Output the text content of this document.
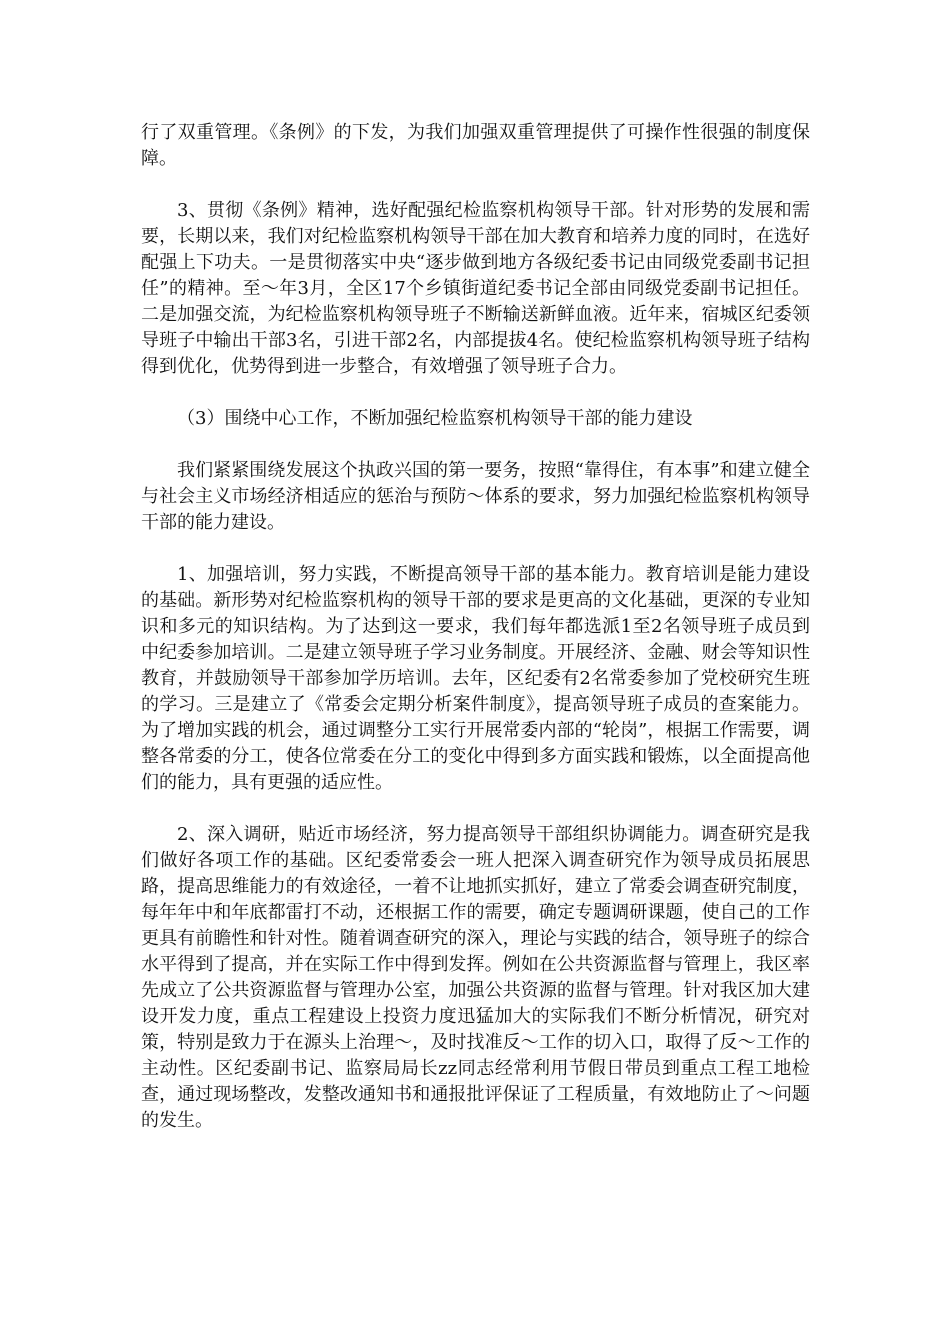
行了双重管理。《条例》的下发，为我们加强双重管理提供了可操作性很强的制度保障。

3、贯彻《条例》精神，选好配强纪检监察机构领导干部。针对形势的发展和需要，长期以来，我们对纪检监察机构领导干部在加大教育和培养力度的同时，在选好配强上下功夫。一是贯彻落实中央“逐步做到地方各级纪委书记由同级党委副书记担任”的精神。至～年3月，全区17个乡镇街道纪委书记全部由同级党委副书记担任。二是加强交流，为纪检监察机构领导班子不断输送新鲜血液。近年来，宿城区纪委领导班子中输出干部3名，引进干部2名，内部提拔4名。使纪检监察机构领导班子结构得到优化，优势得到进一步整合，有效增强了领导班子合力。

（3）围绕中心工作，不断加强纪检监察机构领导干部的能力建设

我们紧紧围绕发展这个执政兴国的第一要务，按照“靠得住，有本事”和建立健全与社会主义市场经济相适应的惩治与预防～体系的要求，努力加强纪检监察机构领导干部的能力建设。

1、加强培训，努力实践，不断提高领导干部的基本能力。教育培训是能力建设的基础。新形势对纪检监察机构的领导干部的要求是更高的文化基础，更深的专业知识和多元的知识结构。为了达到这一要求，我们每年都选派1至2名领导班子成员到中纪委参加培训。二是建立领导班子学习业务制度。开展经济、金融、财会等知识性教育，并鼓励领导干部参加学历培训。去年，区纪委有2名常委参加了党校研究生班的学习。三是建立了《常委会定期分析案件制度》，提高领导班子成员的查案能力。为了增加实践的机会，通过调整分工实行开展常委内部的“轮岗”，根据工作需要，调整各常委的分工，使各位常委在分工的变化中得到多方面实践和锻炼，以全面提高他们的能力，具有更强的适应性。

2、深入调研，贴近市场经济，努力提高领导干部组织协调能力。调查研究是我们做好各项工作的基础。区纪委常委会一班人把深入调查研究作为领导成员拓展思路，提高思维能力的有效途径，一着不让地抓实抓好，建立了常委会调查研究制度，每年年中和年底都雷打不动，还根据工作的需要，确定专题调研课题，使自己的工作更具有前瞻性和针对性。随着调查研究的深入，理论与实践的结合，领导班子的综合水平得到了提高，并在实际工作中得到发挥。例如在公共资源监督与管理上，我区率先成立了公共资源监督与管理办公室，加强公共资源的监督与管理。针对我区加大建设开发力度，重点工程建设上投资力度迅猛加大的实际我们不断分析情况，研究对策，特别是致力于在源头上治理～，及时找准反～工作的切入口，取得了反～工作的主动性。区纪委副书记、监察局局长zz同志经常利用节假日带员到重点工程工地检查，通过现场整改，发整改通知书和通报批评保证了工程质量，有效地防止了～问题的发生。
